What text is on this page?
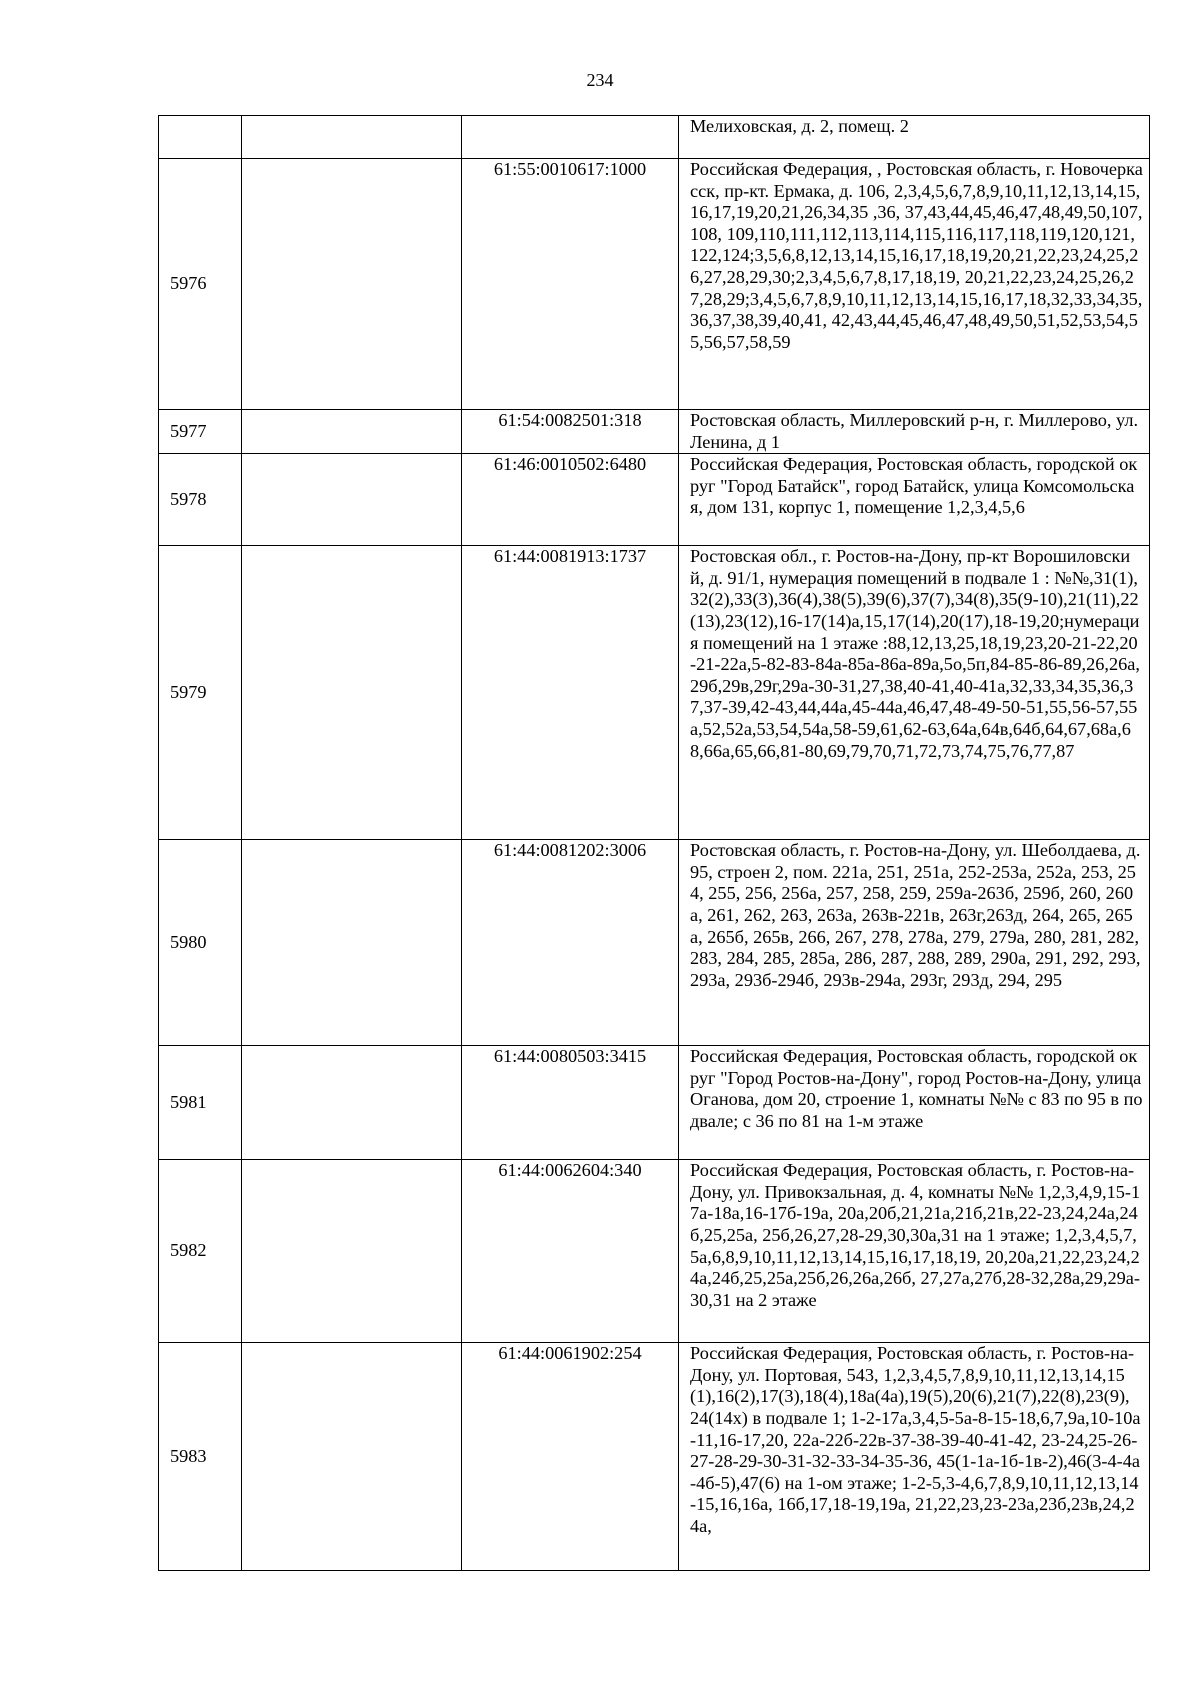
234
			Мелиховская, д. 2, помещ. 2
5976		61:55:0010617:1000	Российская Федерация, , Ростовская область, г. Новочеркасск, пр-кт. Ермака, д. 106, 2,3,4,5,6,7,8,9,10,11,12,13,14,15,16,17,19,20,21,26,34,35 ,36, 37,43,44,45,46,47,48,49,50,107,108, 109,110,111,112,113,114,115,116,117,118,119,120,121,122,124;3,5,6,8,12,13,14,15,16,17,18,19,20,21,22,23,24,25,26,27,28,29,30;2,3,4,5,6,7,8,17,18,19, 20,21,22,23,24,25,26,27,28,29;3,4,5,6,7,8,9,10,11,12,13,14,15,16,17,18,32,33,34,35,36,37,38,39,40,41, 42,43,44,45,46,47,48,49,50,51,52,53,54,55,56,57,58,59
5977		61:54:0082501:318	Ростовская область, Миллеровский р-н, г. Миллерово, ул. Ленина, д 1
5978		61:46:0010502:6480	Российская Федерация, Ростовская область, городской округ "Город Батайск", город Батайск, улица Комсомольская, дом 131, корпус 1, помещение 1,2,3,4,5,6
5979		61:44:0081913:1737	Ростовская обл., г. Ростов-на-Дону, пр-кт Ворошиловский, д. 91/1, нумерация помещений в подвале 1 : №№,31(1),32(2),33(3),36(4),38(5),39(6),37(7),34(8),35(9-10),21(11),22(13),23(12),16-17(14)а,15,17(14),20(17),18-19,20;нумерация помещений на 1 этаже :88,12,13,25,18,19,23,20-21-22,20-21-22а,5-82-83-84а-85а-86а-89а,5о,5п,84-85-86-89,26,26а,29б,29в,29г,29а-30-31,27,38,40-41,40-41а,32,33,34,35,36,37,37-39,42-43,44,44а,45-44а,46,47,48-49-50-51,55,56-57,55а,52,52а,53,54,54а,58-59,61,62-63,64а,64в,64б,64,67,68а,68,66а,65,66,81-80,69,79,70,71,72,73,74,75,76,77,87
5980		61:44:0081202:3006	Ростовская область, г. Ростов-на-Дону, ул. Шеболдаева, д. 95, строен 2, пом. 221а, 251, 251а, 252-253а, 252а, 253, 254, 255, 256, 256а, 257, 258, 259, 259а-263б, 259б, 260, 260а, 261, 262, 263, 263а, 263в-221в, 263г,263д, 264, 265, 265а, 265б, 265в, 266, 267, 278, 278а, 279, 279а, 280, 281, 282, 283, 284, 285, 285а, 286, 287, 288, 289, 290а, 291, 292, 293, 293а, 293б-294б, 293в-294а, 293г, 293д, 294, 295
5981		61:44:0080503:3415	Российская Федерация, Ростовская область, городской округ "Город Ростов-на-Дону", город Ростов-на-Дону, улица Оганова, дом 20, строение 1, комнаты №№ с 83 по 95 в подвале; с 36 по 81 на 1-м этаже
5982		61:44:0062604:340	Российская Федерация, Ростовская область, г. Ростов-на-Дону, ул. Привокзальная, д. 4, комнаты №№ 1,2,3,4,9,15-17а-18а,16-17б-19а, 20а,20б,21,21а,21б,21в,22-23,24,24а,24б,25,25а, 25б,26,27,28-29,30,30а,31 на 1 этаже; 1,2,3,4,5,7,5а,6,8,9,10,11,12,13,14,15,16,17,18,19, 20,20а,21,22,23,24,24а,24б,25,25а,25б,26,26а,26б, 27,27а,27б,28-32,28а,29,29а-30,31 на 2 этаже
5983		61:44:0061902:254	Российская Федерация, Ростовская область, г. Ростов-на-Дону, ул. Портовая, 543, 1,2,3,4,5,7,8,9,10,11,12,13,14,15(1),16(2),17(3),18(4),18а(4а),19(5),20(6),21(7),22(8),23(9), 24(14х) в подвале 1; 1-2-17а,3,4,5-5а-8-15-18,6,7,9а,10-10а-11,16-17,20, 22а-22б-22в-37-38-39-40-41-42, 23-24,25-26-27-28-29-30-31-32-33-34-35-36, 45(1-1а-1б-1в-2),46(3-4-4а-4б-5),47(6) на 1-ом этаже; 1-2-5,3-4,6,7,8,9,10,11,12,13,14-15,16,16а, 16б,17,18-19,19а, 21,22,23,23-23а,23б,23в,24,24а,
